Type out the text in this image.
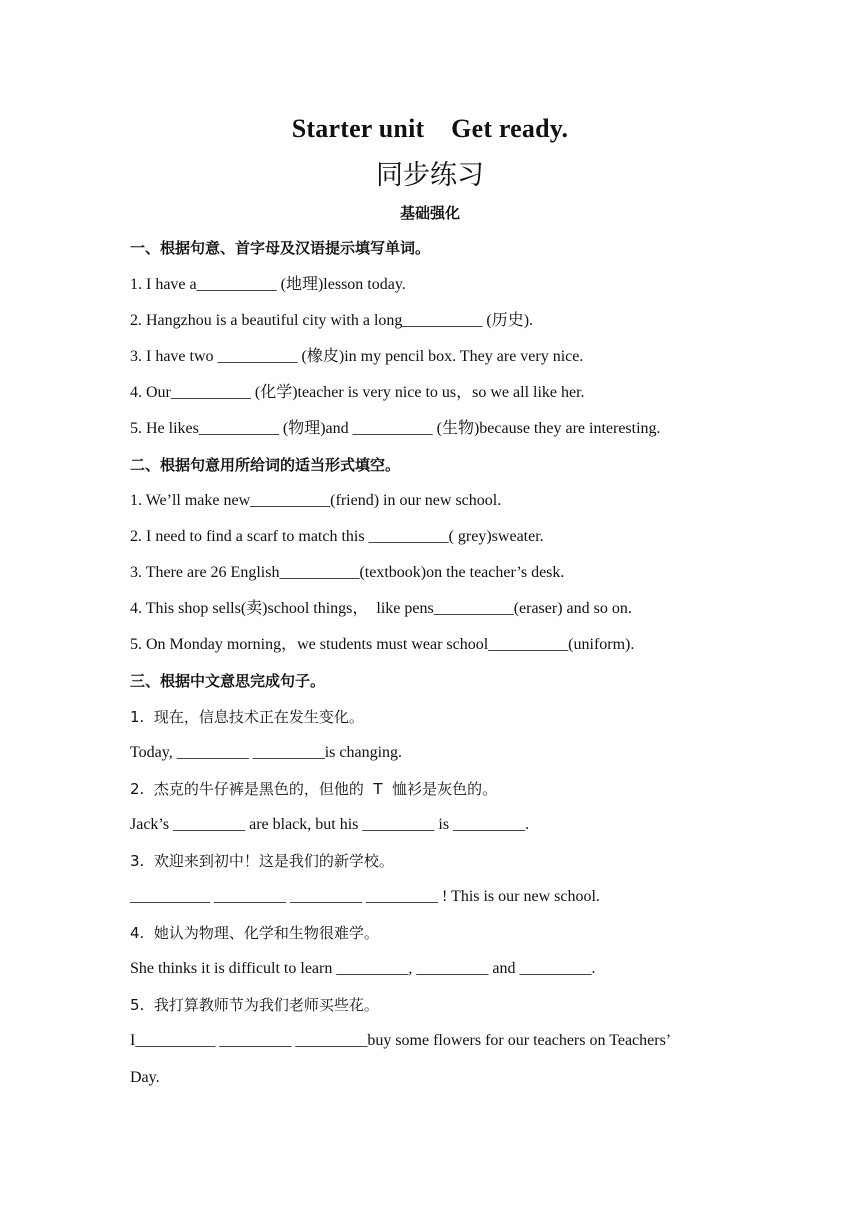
Starter unit    Get ready.
同步练习
基础强化
一、根据句意、首字母及汉语提示填写单词。
1. I have a__________ (地理)lesson today.
2. Hangzhou is a beautiful city with a long__________ (历史).
3. I have two __________ (橡皮)in my pencil box. They are very nice.
4. Our__________ (化学)teacher is very nice to us，so we all like her.
5. He likes__________ (物理)and __________ (生物)because they are interesting.
二、根据句意用所给词的适当形式填空。
1. We’ll make new__________(friend) in our new school.
2. I need to find a scarf to match this __________( grey)sweater.
3. There are 26 English__________(textbook)on the teacher’s desk.
4. This shop sells(卖)school things，  like pens__________(eraser) and so on.
5. On Monday morning，we students must wear school__________(uniform).
三、根据中文意思完成句子。
1.  现在，信息技术正在发生变化。
Today, _________ _________is changing.
2.  杰克的牛仔裤是黑色的，但他的  T  恤衫是灰色的。
Jack’s _________ are black, but his _________ is _________.
3.  欢迎来到初中！这是我们的新学校。
__________ _________ _________ _________ ! This is our new school.
4.  她认为物理、化学和生物很难学。
She thinks it is difficult to learn _________, _________ and _________.
5.  我打算教师节为我们老师买些花。
I__________ _________ _________buy some flowers for our teachers on Teachers’
Day.
